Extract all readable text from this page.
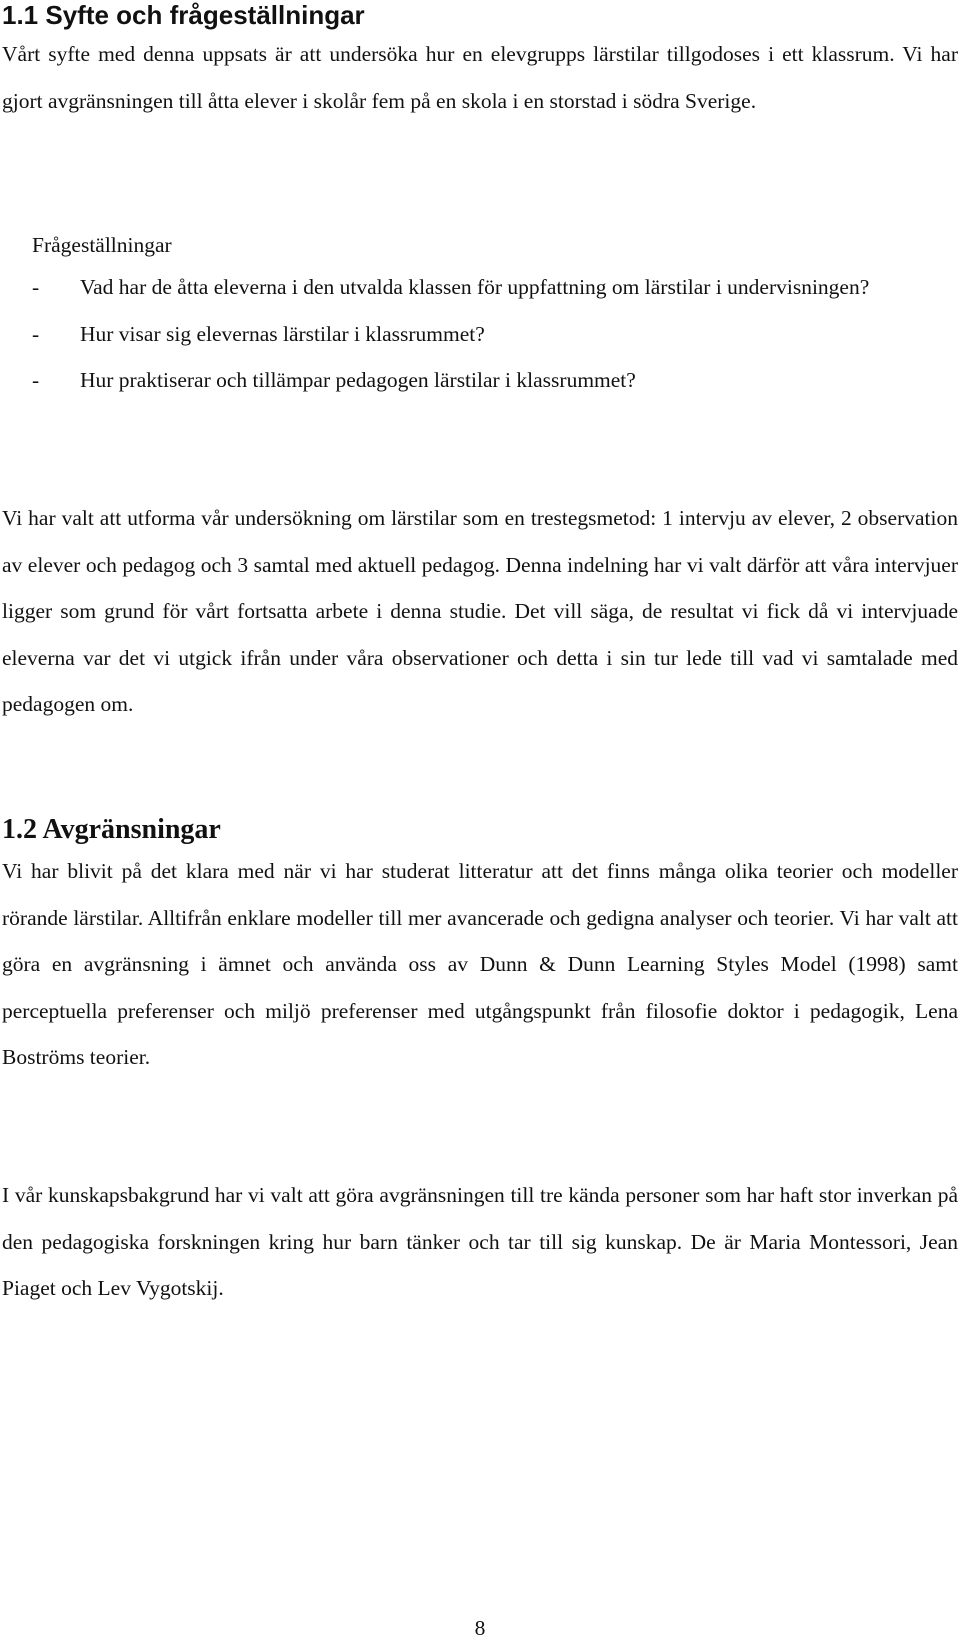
1.1 Syfte och frågeställningar

Vårt syfte med denna uppsats är att undersöka hur en elevgrupps lärstilar tillgodoses i ett klassrum. Vi har gjort avgränsningen till åtta elever i skolår fem på en skola i en storstad i södra Sverige.

Frågeställningar

- Vad har de åtta eleverna i den utvalda klassen för uppfattning om lärstilar i undervisningen?
- Hur visar sig elevernas lärstilar i klassrummet?
- Hur praktiserar och tillämpar pedagogen lärstilar i klassrummet?

Vi har valt att utforma vår undersökning om lärstilar som en trestegsmetod: 1 intervju av elever, 2 observation av elever och pedagog och 3 samtal med aktuell pedagog. Denna indelning har vi valt därför att våra intervjuer ligger som grund för vårt fortsatta arbete i denna studie. Det vill säga, de resultat vi fick då vi intervjuade eleverna var det vi utgick ifrån under våra observationer och detta i sin tur lede till vad vi samtalade med pedagogen om.

1.2 Avgränsningar

Vi har blivit på det klara med när vi har studerat litteratur att det finns många olika teorier och modeller rörande lärstilar. Alltifrån enklare modeller till mer avancerade och gedigna analyser och teorier. Vi har valt att göra en avgränsning i ämnet och använda oss av Dunn & Dunn Learning Styles Model (1998) samt perceptuella preferenser och miljö preferenser med utgångspunkt från filosofie doktor i pedagogik, Lena Boströms teorier.

I vår kunskapsbakgrund har vi valt att göra avgränsningen till tre kända personer som har haft stor inverkan på den pedagogiska forskningen kring hur barn tänker och tar till sig kunskap. De är Maria Montessori, Jean Piaget och Lev Vygotskij.

8
